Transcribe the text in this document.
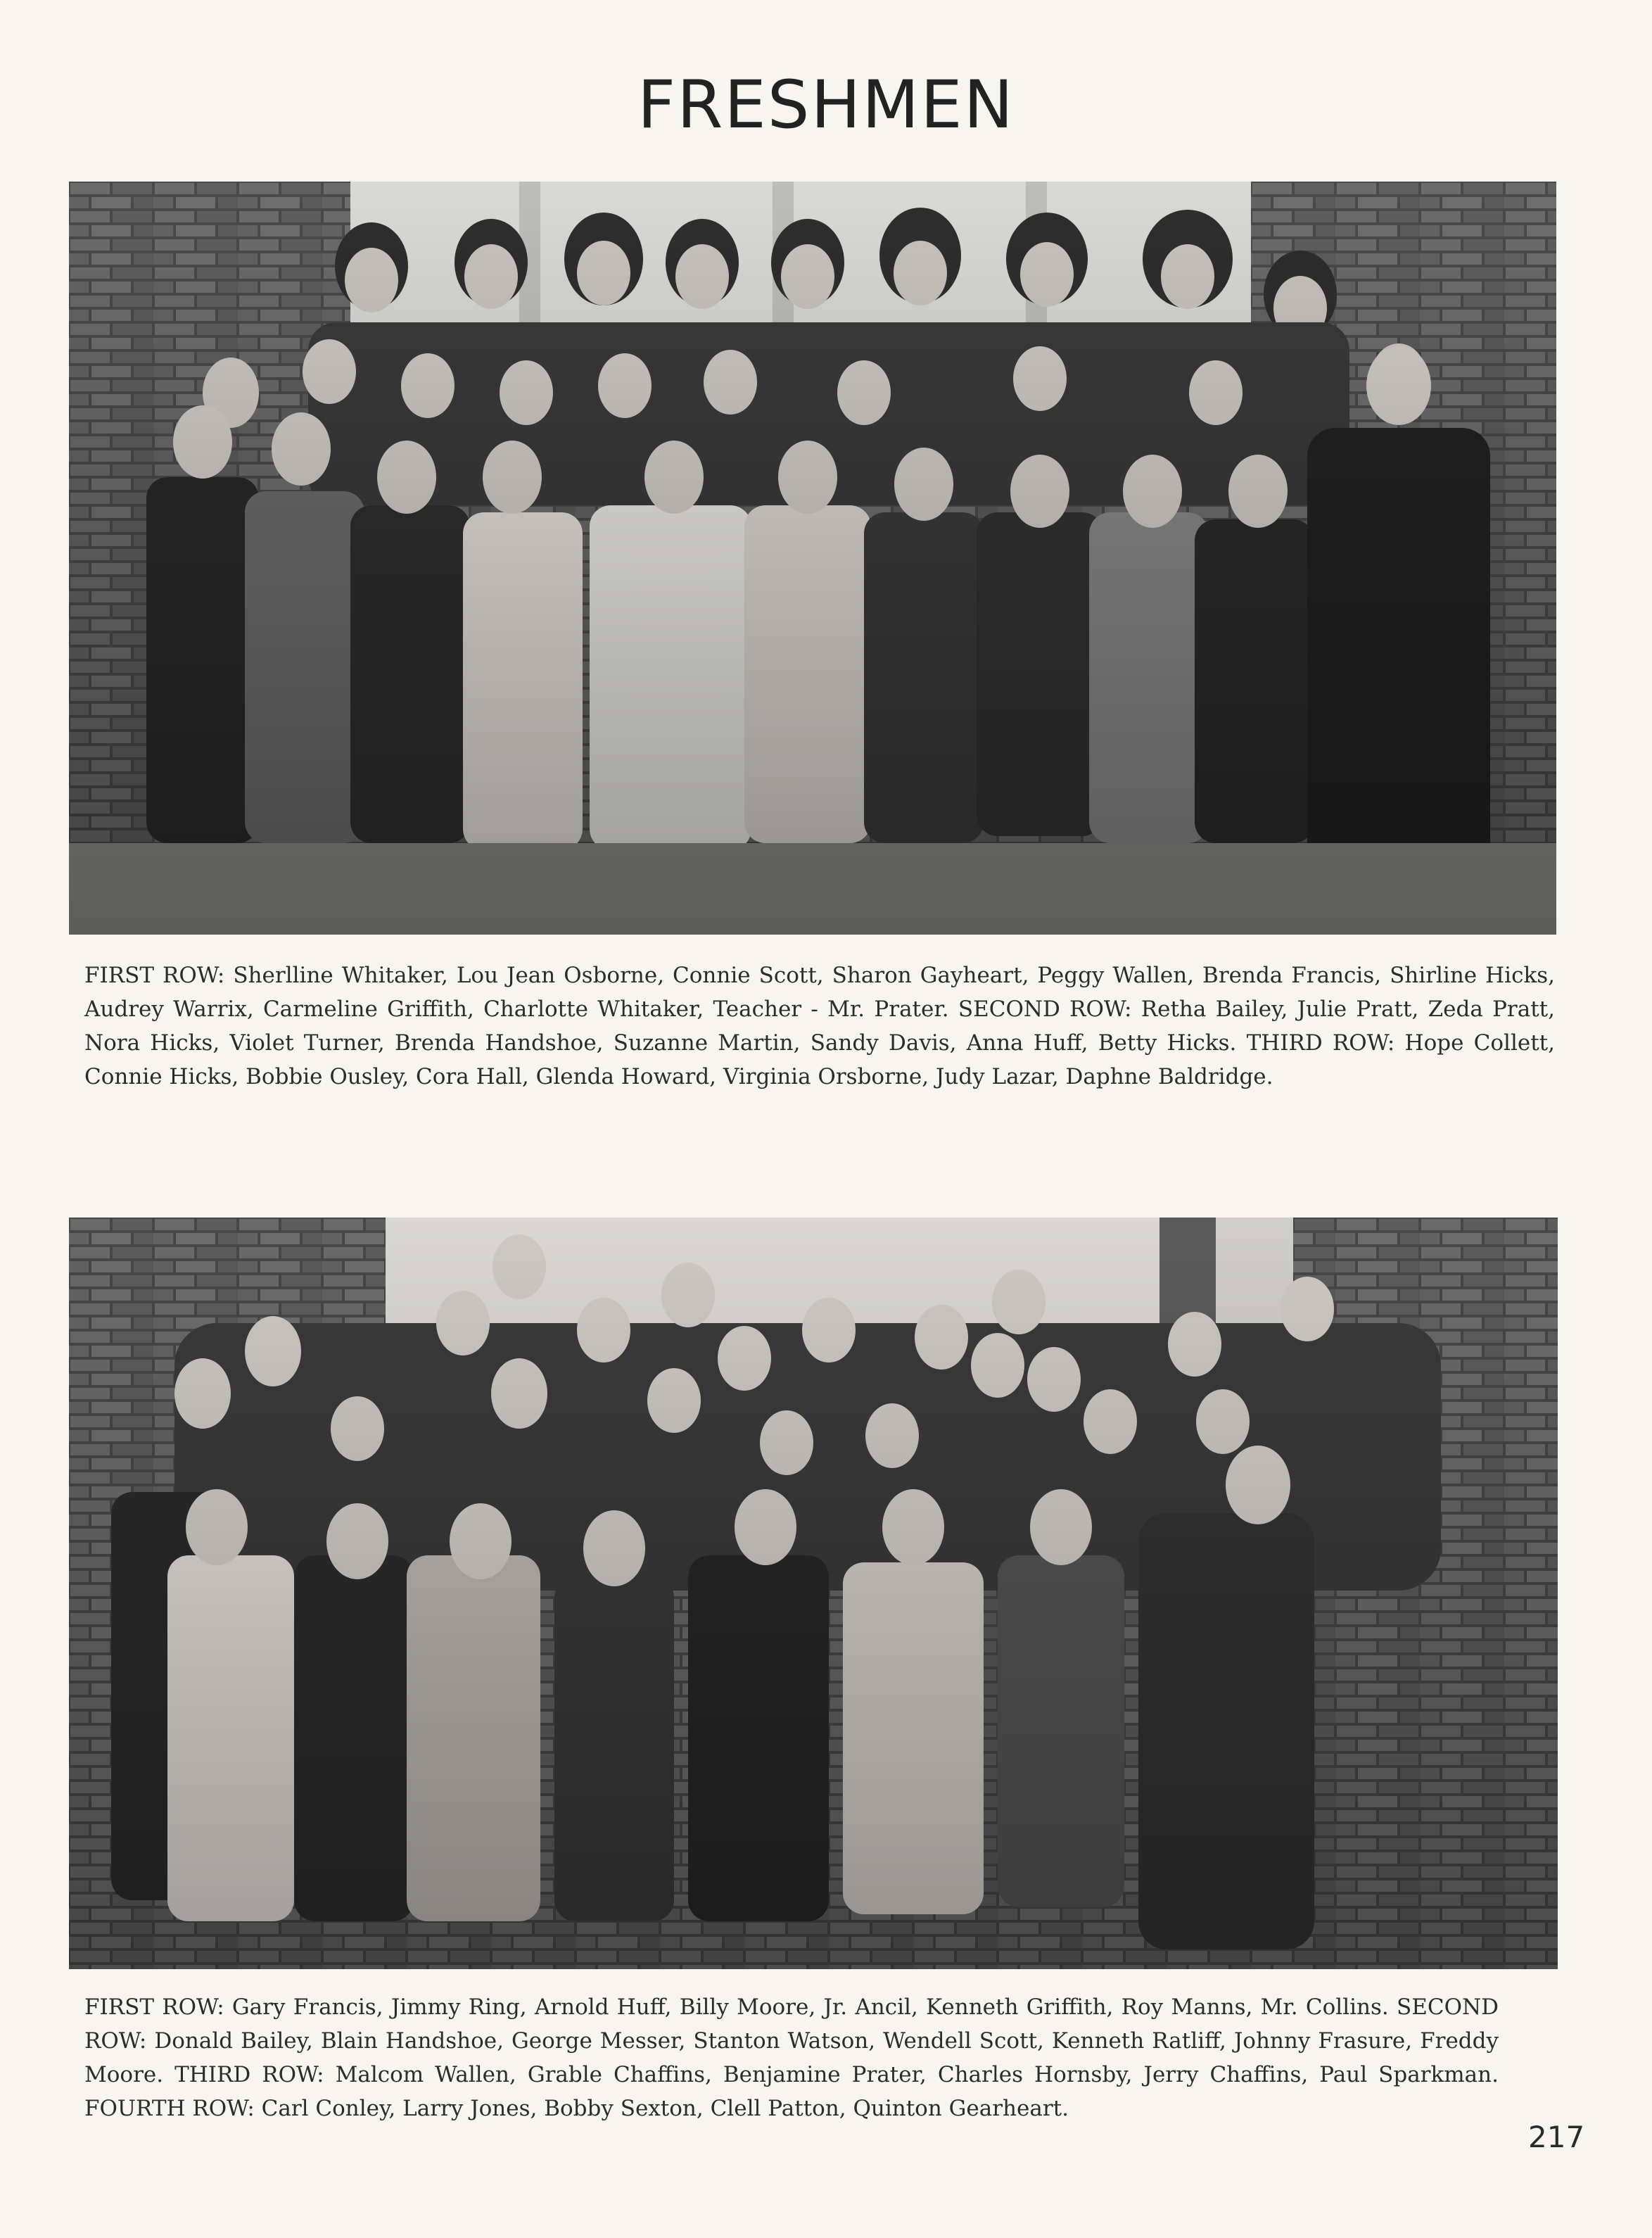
FRESHMEN

FIRST ROW: Sherlline Whitaker, Lou Jean Osborne, Connie Scott, Sharon Gayheart, Peggy Wallen, Brenda Francis, Shirline Hicks, Audrey Warrix, Carmeline Griffith, Charlotte Whitaker, Teacher - Mr. Prater. SECOND ROW: Retha Bailey, Julie Pratt, Zeda Pratt, Nora Hicks, Violet Turner, Brenda Handshoe, Suzanne Martin, Sandy Davis, Anna Huff, Betty Hicks. THIRD ROW: Hope Collett, Connie Hicks, Bobbie Ousley, Cora Hall, Glenda Howard, Virginia Orsborne, Judy Lazar, Daphne Baldridge.

FIRST ROW: Gary Francis, Jimmy Ring, Arnold Huff, Billy Moore, Jr. Ancil, Kenneth Griffith, Roy Manns, Mr. Collins. SECOND ROW: Donald Bailey, Blain Handshoe, George Messer, Stanton Watson, Wendell Scott, Kenneth Ratliff, Johnny Frasure, Freddy Moore. THIRD ROW: Malcom Wallen, Grable Chaffins, Benjamine Prater, Charles Hornsby, Jerry Chaffins, Paul Sparkman. FOURTH ROW: Carl Conley, Larry Jones, Bobby Sexton, Clell Patton, Quinton Gearheart.

217
